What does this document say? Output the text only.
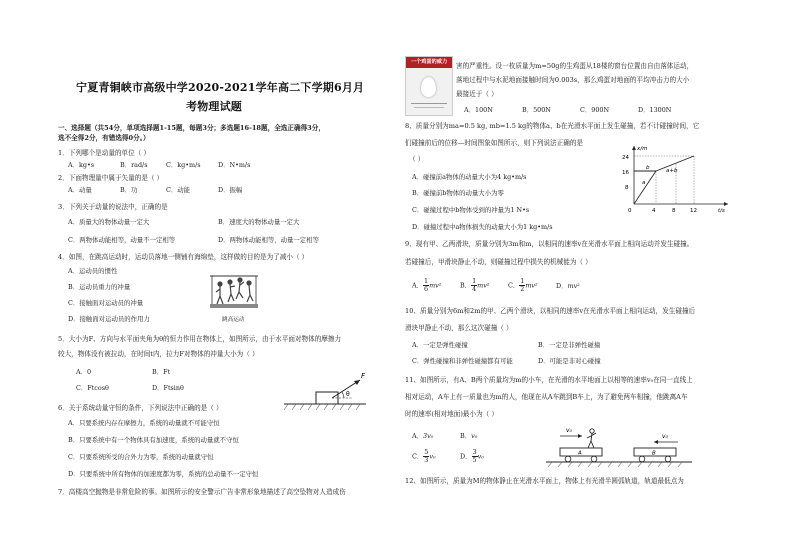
宁夏青铜峡市高级中学2020-2021学年高二下学期6月月
考物理试题
一、选择题（共54分，单项选择题1-15题，每题3分；多选题16-18题，全选正确得3分，
选不全得2分，有错选得0分。）
1．下列哪个是动量的单位（ ）
A．kg•s	B．rad/s	C．kg•m/s	D．N•m/s
2．下面物理量中属于矢量的是（ ）
A．动量	B．功	C．动能	D．振幅
3．下列关于动量的说法中，正确的是
A．质量大的物体动量一定大	B．速度大的物体动量一定大
C．两物体动能相等，动量不一定相等	D．两物体动能相等，动量一定相等
4．如图，在跳高运动时，运动员落地一侧铺有海绵垫，这样做的目的是为了减小（ ）
A．运动员的惯性
B．运动员重力的冲量
C．接触面对运动员的冲量
D．接触面对运动员的作用力	跳高运动
5．大小为F、方向与水平面夹角为θ的恒力作用在物体上，如图所示，由于水平面对物体的摩擦力
较大，物体没有被拉动，在时间t内，拉力F对物体的冲量大小为（ ）
A．0	B．Ft
C．Ftcosθ	D．Ftsinθ
F
θ
6．关于系统动量守恒的条件，下列说法中正确的是（ ）
A．只要系统内存在摩擦力，系统的动量就不可能守恒
B．只要系统中有一个物体具有加速度，系统的动量就不守恒
C．只要系统所受的合外力为零，系统的动量就守恒
D．只要系统中所有物体的加速度都为零，系统的总动量不一定守恒
7．高楼高空抛物是非常危险的事。如图所示的安全警示广告非常形象地描述了高空坠物对人造成伤
一个鸡蛋的威力	害的严重性。设一枚质量为m=50g的生鸡蛋从18楼的窗台位置由自由落体运动，
落地过程中与水泥地面接触时间为0.003s，那么鸡蛋对地面的平均冲击力的大小
最接近于（ ）
A．100N	B．500N	C．900N	D．1300N
8、质量分别为ma=0.5 kg, mb=1.5 kg的物体a、b在光滑水平面上发生碰撞，若不计碰撞时间，它
们碰撞前后的位移—时间图象如图所示，则下列说法正确的是
（ ）
A．碰撞前a物体的动量大小为4 kg•m/s
B．碰撞前b物体的动量大小为零
C．碰撞过程中b物体受到的冲量为1 N•s
D．碰撞过程中a物体损失的动量大小为1 kg•m/s
x/m
t/s
24
16
8
0	4	8	12
a
b	a+b
9、现有甲、乙两滑块，质量分别为3m和m，以相同的速率v在光滑水平面上相向运动并发生碰撞。
若碰撞后，甲滑块静止不动，则碰撞过程中损失的机械能为（ ）
A． $\frac{1}{6} mv^2$	B． $\frac{1}{4} mv^2$	C． $\frac{1}{2} mv^2$	D．mv²
10、质量分别为6m和2m的甲、乙两个滑块，以相同的速率v在光滑水平面上相向运动，发生碰撞后
滑块甲静止不动，那么这次碰撞（ ）
A．一定是弹性碰撞	B．一定是非弹性碰撞
C．弹性碰撞和非弹性碰撞都有可能	D．可能是非对心碰撞
11、如图所示，有A、B两个质量均为m的小车，在光滑的水平地面上以相等的速率v₀在同一直线上
相对运动，A车上有一质量也为m的人，他现在从A车跳到B车上，为了避免两车相撞，他跳离A车
时的速率(相对地面)最小为（ ）
A．3v₀	B．v₀
C． $\frac{5}{3} v_0$	D． $\frac{3}{5} v_0$	A
v₀
B
v₀
12、如图所示，质量为M的物体静止在光滑水平面上，物体上有光滑半圆弧轨道，轨道最低点为
